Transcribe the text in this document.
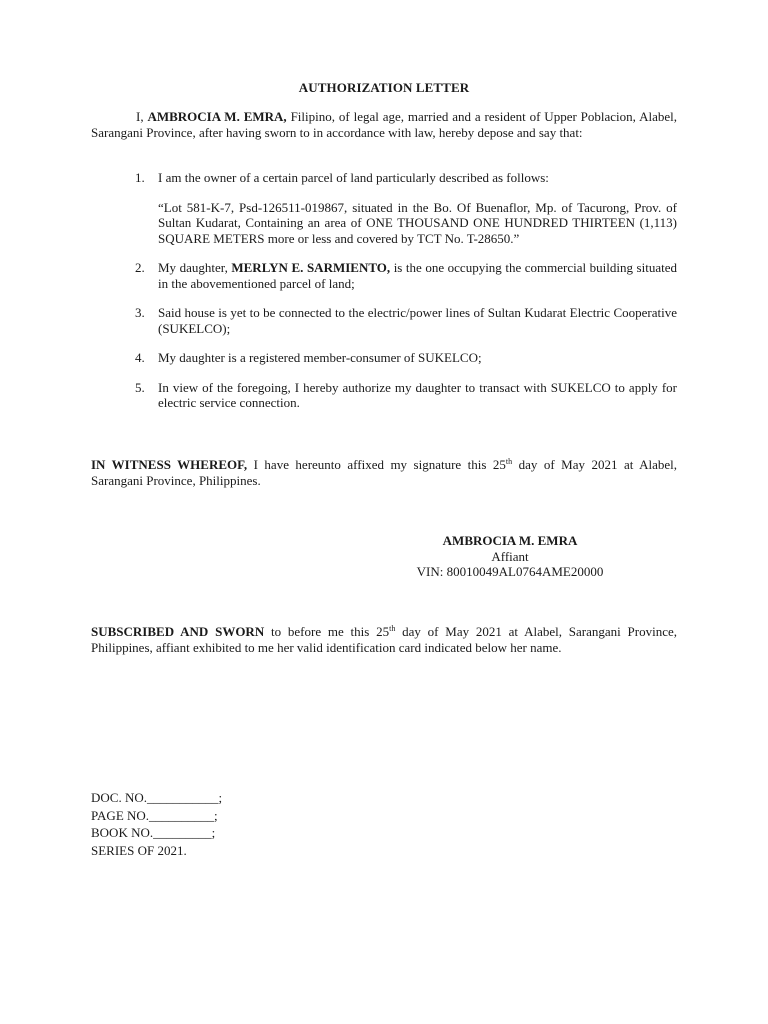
AUTHORIZATION LETTER
I, AMBROCIA M. EMRA, Filipino, of legal age, married and a resident of Upper Poblacion, Alabel, Sarangani Province, after having sworn to in accordance with law, hereby depose and say that:
1. I am the owner of a certain parcel of land particularly described as follows:
“Lot 581-K-7, Psd-126511-019867, situated in the Bo. Of Buenaflor, Mp. of Tacurong, Prov. of Sultan Kudarat, Containing an area of ONE THOUSAND ONE HUNDRED THIRTEEN (1,113) SQUARE METERS more or less and covered by TCT No. T-28650.”
2. My daughter, MERLYN E. SARMIENTO, is the one occupying the commercial building situated in the abovementioned parcel of land;
3. Said house is yet to be connected to the electric/power lines of Sultan Kudarat Electric Cooperative (SUKELCO);
4. My daughter is a registered member-consumer of SUKELCO;
5. In view of the foregoing, I hereby authorize my daughter to transact with SUKELCO to apply for electric service connection.
IN WITNESS WHEREOF, I have hereunto affixed my signature this 25th day of May 2021 at Alabel, Sarangani Province, Philippines.
AMBROCIA M. EMRA
Affiant
VIN: 80010049AL0764AME20000
SUBSCRIBED AND SWORN to before me this 25th day of May 2021 at Alabel, Sarangani Province, Philippines, affiant exhibited to me her valid identification card indicated below her name.
DOC. NO.___________;
PAGE NO.__________;
BOOK NO._________;
SERIES OF 2021.
